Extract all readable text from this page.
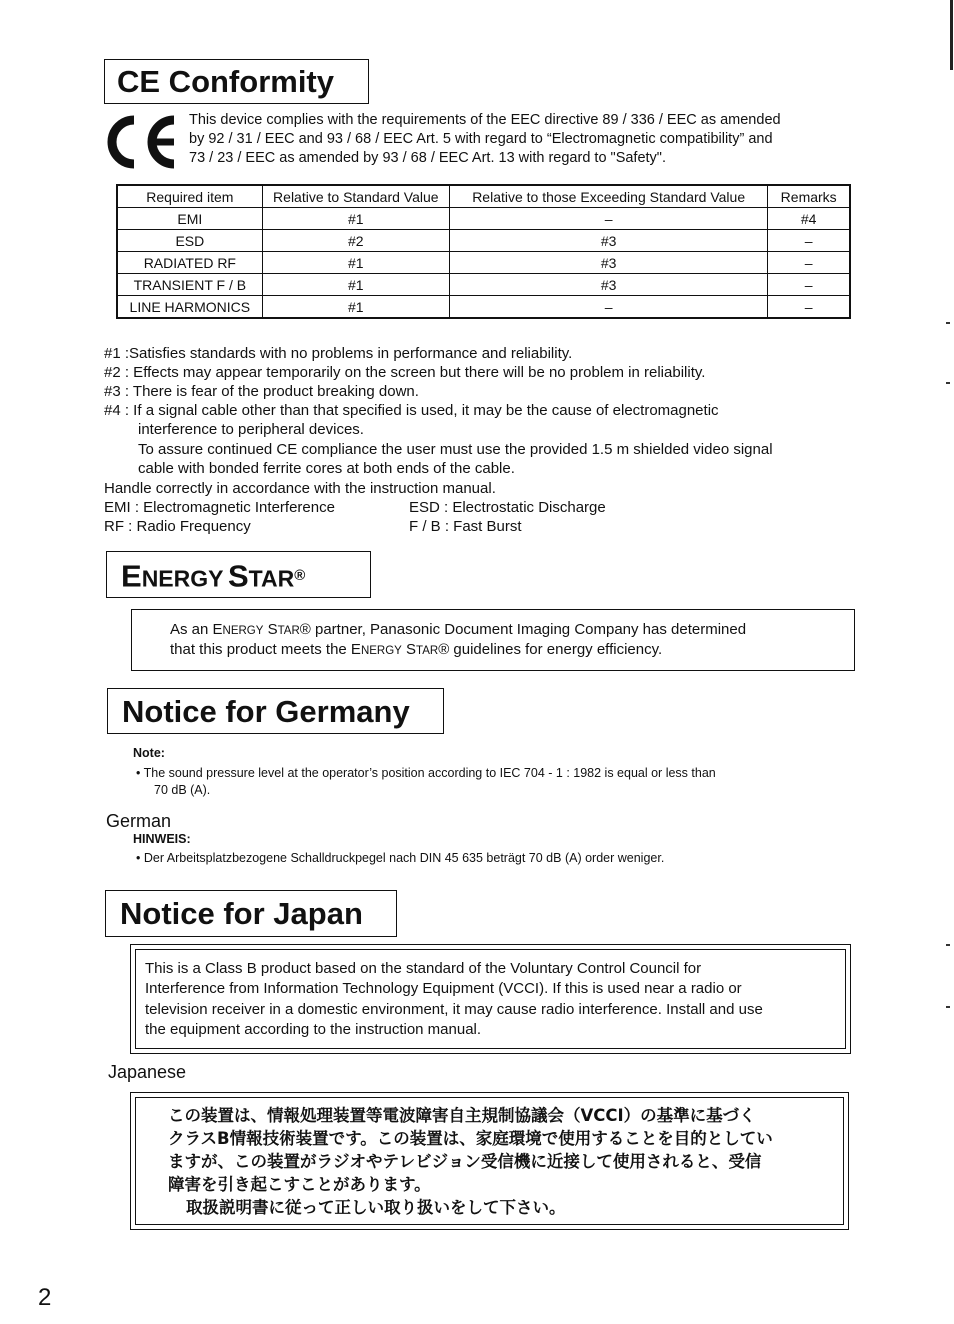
CE Conformity
This device complies with the requirements of the EEC directive 89 / 336 / EEC as amended
by 92 / 31 / EEC and 93 / 68 / EEC Art. 5 with regard to “Electromagnetic compatibility” and
73 / 23 / EEC as amended by 93 / 68 / EEC Art. 13 with regard to "Safety".
Required item	Relative to Standard Value	Relative to those Exceeding Standard Value	Remarks
EMI	#1	–	#4
ESD	#2	#3	–
RADIATED RF	#1	#3	–
TRANSIENT F / B	#1	#3	–
LINE HARMONICS	#1	–	–
#1 :Satisfies standards with no problems in performance and reliability.
#2 : Effects may appear temporarily on the screen but there will be no problem in reliability.
#3 : There is fear of the product breaking down.
#4 : If a signal cable other than that specified is used, it may be the cause of electromagnetic
interference to peripheral devices.
To assure continued CE compliance the user must use the provided 1.5 m shielded video signal
cable with bonded ferrite cores at both ends of the cable.
Handle correctly in accordance with the instruction manual.
EMI : Electromagnetic Interference	ESD : Electrostatic Discharge
RF : Radio Frequency	F / B : Fast Burst
ENERGY STAR®
As an ENERGY STAR® partner, Panasonic Document Imaging Company has determined
that this product meets the ENERGY STAR® guidelines for energy efficiency.
Notice for Germany
Note:
• The sound pressure level at the operator’s position according to IEC 704 - 1 : 1982 is equal or less than
70 dB (A).
German
HINWEIS:
• Der Arbeitsplatzbezogene Schalldruckpegel nach DIN 45 635 beträgt 70 dB (A) order weniger.
Notice for Japan
This is a Class B product based on the standard of the Voluntary Control Council for
Interference from Information Technology Equipment (VCCI). If this is used near a radio or
television receiver in a domestic environment, it may cause radio interference. Install and use
the equipment according to the instruction manual.
Japanese
この装置は、情報処理装置等電波障害自主規制協議会（VCCI）の基準に基づく
クラスB情報技術装置です。この装置は、家庭環境で使用することを目的としてい
ますが、この装置がラジオやテレビジョン受信機に近接して使用されると、受信
障害を引き起こすことがあります。
取扱説明書に従って正しい取り扱いをして下さい。
2
